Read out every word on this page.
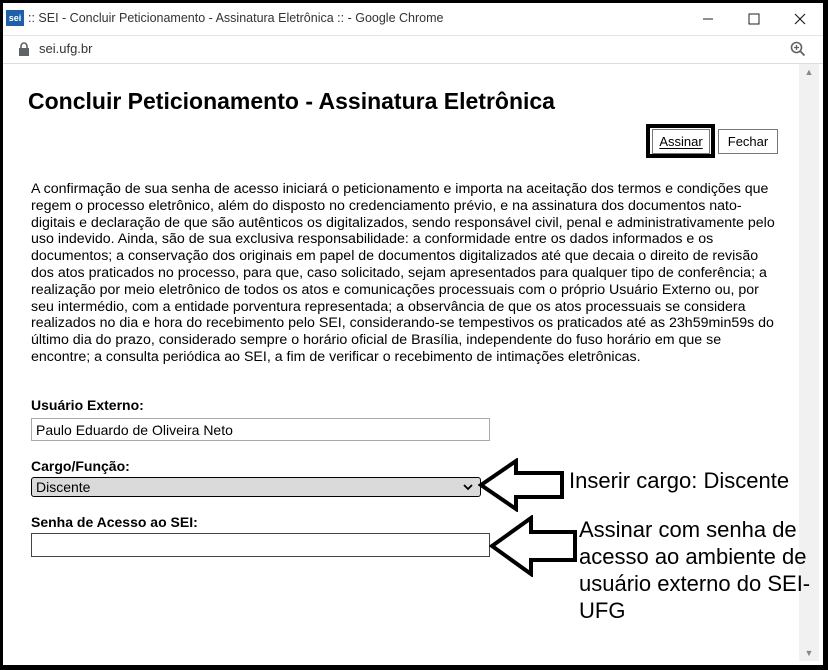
sei :: SEI - Concluir Peticionamento - Assinatura Eletrônica :: - Google Chrome
sei.ufg.br
Concluir Peticionamento - Assinatura Eletrônica
Assinar	Fechar

A confirmação de sua senha de acesso iniciará o peticionamento e importa na aceitação dos termos e condições que regem o processo eletrônico, além do disposto no credenciamento prévio, e na assinatura dos documentos nato-digitais e declaração de que são autênticos os digitalizados, sendo responsável civil, penal e administrativamente pelo uso indevido. Ainda, são de sua exclusiva responsabilidade: a conformidade entre os dados informados e os documentos; a conservação dos originais em papel de documentos digitalizados até que decaia o direito de revisão dos atos praticados no processo, para que, caso solicitado, sejam apresentados para qualquer tipo de conferência; a realização por meio eletrônico de todos os atos e comunicações processuais com o próprio Usuário Externo ou, por seu intermédio, com a entidade porventura representada; a observância de que os atos processuais se considera realizados no dia e hora do recebimento pelo SEI, considerando-se tempestivos os praticados até as 23h59min59s do último dia do prazo, considerado sempre o horário oficial de Brasília, independente do fuso horário em que se encontre; a consulta periódica ao SEI, a fim de verificar o recebimento de intimações eletrônicas.

Usuário Externo:
Paulo Eduardo de Oliveira Neto
Cargo/Função:
Discente
Senha de Acesso ao SEI:
▲
▼
Inserir cargo: Discente
Assinar com senha de acesso ao ambiente de usuário externo do SEI-UFG
